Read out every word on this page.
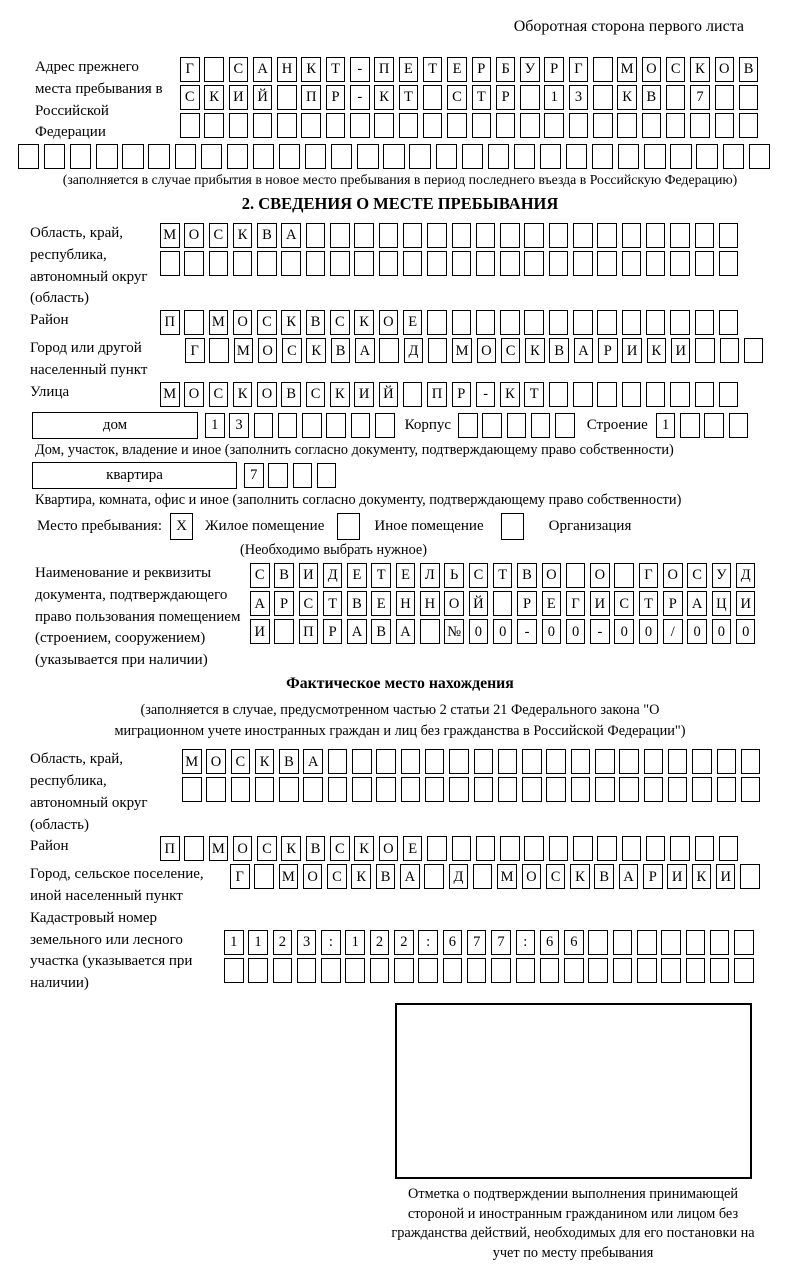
Оборотная сторона первого листа
Адрес прежнего места пребывания в Российской Федерации
Г	С А Н К	Т	-	П	Е	Т	Е	Р	Б	У	Р	Г	М О С	К О В
С	К И Й	П	Р	-	К	Т	С	Т	Р	1	3	К	В	7
(заполняется в случае прибытия в новое место пребывания в период последнего въезда в Российскую Федерацию)
2. СВЕДЕНИЯ О МЕСТЕ ПРЕБЫВАНИЯ
Область, край, республика, автономный округ (область)
М О С	К	В А
Район	П	М О С	К	В	С	К О	Е
Город или другой населенный пункт
Г	М О С	К	В А	Д	М О С	К	В А	Р	И К И
Улица	М О С	К О В	С	К И Й	П	Р	-	К	Т
дом	1	3	Корпус	Строение 1
Дом, участок, владение и иное (заполнить согласно документу, подтверждающему право собственности)
квартира	7
Квартира, комната, офис и иное (заполнить согласно документу, подтверждающему право собственности)
Место пребывания: X	Жилое помещение	Иное помещение	Организация
(Необходимо выбрать нужное)
Наименование и реквизиты документа, подтверждающего право пользования помещением (строением, сооружением) (указывается при наличии)
С	В И Д	Е	Т	Е	Л	Ь	С	Т	В О	О	Г	О С У Д
А	Р	С	Т	В	Е	Н Н О Й	Р	Е	Г	И С	Т	Р	А Ц И
И	П	Р	А В А	№ 0	0	-	0	0	-	0	0	/	0	0	0
Фактическое место нахождения
(заполняется в случае, предусмотренном частью 2 статьи 21 Федерального закона "О миграционном учете иностранных граждан и лиц без гражданства в Российской Федерации")
Область, край, республика, автономный округ (область)
М О С	К	В А
Район	П	М О С	К	В	С	К О	Е
Город, сельское поселение, иной населенный пункт
Г	М О С	К	В А	Д	М О С	К	В А	Р	И К И
Кадастровый номер земельного или лесного участка (указывается при наличии)
1	1	2	3	:	1	2	2	:	6	7	7	:	6	6
Отметка о подтверждении выполнения принимающей стороной и иностранным гражданином или лицом без гражданства действий, необходимых для его постановки на учет по месту пребывания
